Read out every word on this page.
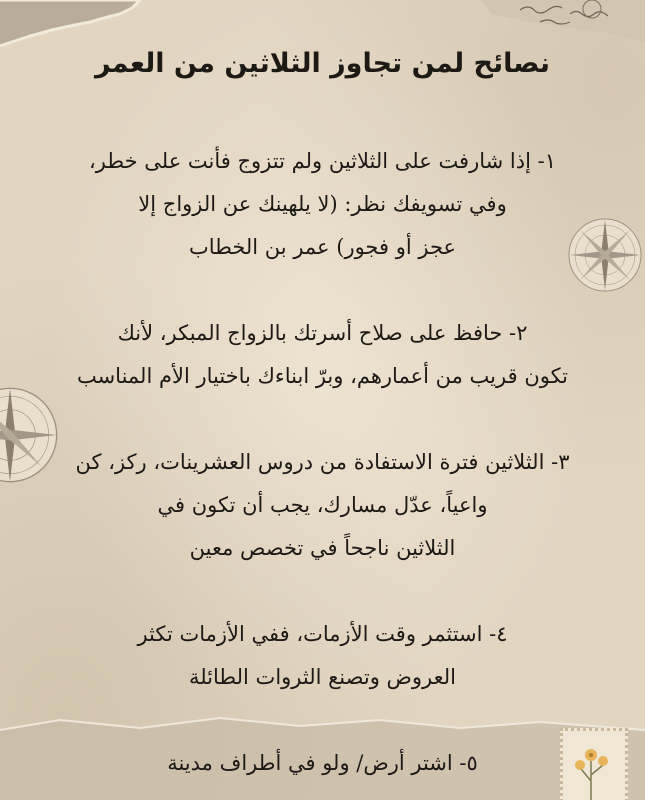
نصائح لمن تجاوز الثلاثين من العمر

١- إذا شارفت على الثلاثين ولم تتزوج فأنت على خطر،

وفي تسويفك نظر: (لا يلهينك عن الزواج إلا

عجز أو فجور) عمر بن الخطاب

٢- حافظ على صلاح أسرتك بالزواج المبكر، لأنك

تكون قريب من أعمارهم، وبرّ ابناءك باختيار الأم المناسب

٣- الثلاثين فترة الاستفادة من دروس العشرينات، ركز، كن

واعياً، عدّل مسارك، يجب أن تكون في

الثلاثين ناجحاً في تخصص معين

٤- استثمر وقت الأزمات، ففي الأزمات تكثر

العروض وتصنع الثروات الطائلة

٥- اشتر أرض/ ولو في أطراف مدينة
